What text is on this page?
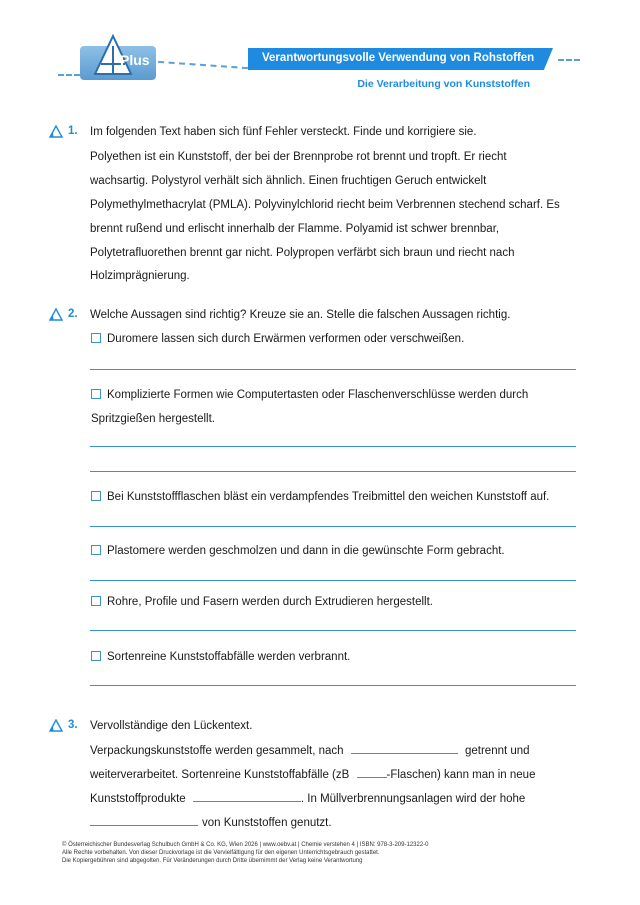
Plus	Verantwortungsvolle Verwendung von Rohstoffen
Die Verarbeitung von Kunststoffen
1. Im folgenden Text haben sich fünf Fehler versteckt. Finde und korrigiere sie.
Polyethen ist ein Kunststoff, der bei der Brennprobe rot brennt und tropft. Er riecht
wachsartig. Polystyrol verhält sich ähnlich. Einen fruchtigen Geruch entwickelt
Polymethylmethacrylat (PMLA). Polyvinylchlorid riecht beim Verbrennen stechend scharf. Es
brennt rußend und erlischt innerhalb der Flamme. Polyamid ist schwer brennbar,
Polytetrafluorethen brennt gar nicht. Polypropen verfärbt sich braun und riecht nach
Holzimprägnierung.
2. Welche Aussagen sind richtig? Kreuze sie an. Stelle die falschen Aussagen richtig.
Duromere lassen sich durch Erwärmen verformen oder verschweißen.
Komplizierte Formen wie Computertasten oder Flaschenverschlüsse werden durch
Spritzgießen hergestellt.
Bei Kunststoffflaschen bläst ein verdampfendes Treibmittel den weichen Kunststoff auf.
Plastomere werden geschmolzen und dann in die gewünschte Form gebracht.
Rohre, Profile und Fasern werden durch Extrudieren hergestellt.
Sortenreine Kunststoffabfälle werden verbrannt.
3. Vervollständige den Lückentext.
Verpackungskunststoffe werden gesammelt, nach	getrennt und
weiterverarbeitet. Sortenreine Kunststoffabfälle (zB	-Flaschen) kann man in neue
Kunststoffprodukte	. In Müllverbrennungsanlagen wird der hohe
von Kunststoffen genutzt.
© Österreichischer Bundesverlag Schulbuch GmbH & Co. KG, Wien 2026 | www.oebv.at | Chemie verstehen 4 | ISBN: 978-3-209-12322-0
Alle Rechte vorbehalten. Von dieser Druckvorlage ist die Vervielfältigung für den eigenen Unterrichtsgebrauch gestattet.
Die Kopiergebühren sind abgegolten. Für Veränderungen durch Dritte übernimmt der Verlag keine Verantwortung
